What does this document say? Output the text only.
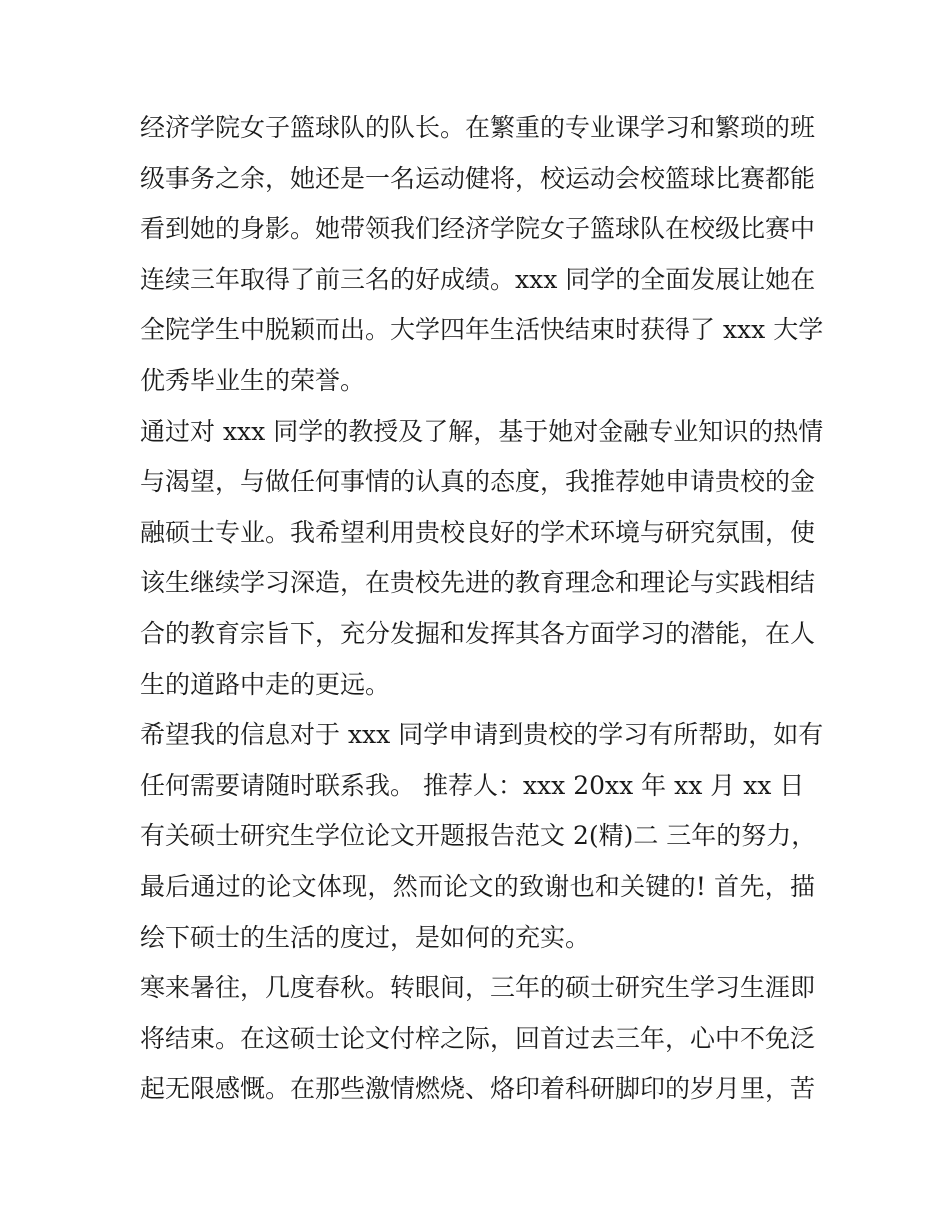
经济学院女子篮球队的队长。在繁重的专业课学习和繁琐的班
级事务之余，她还是一名运动健将，校运动会校篮球比赛都能
看到她的身影。她带领我们经济学院女子篮球队在校级比赛中
连续三年取得了前三名的好成绩。xxx 同学的全面发展让她在
全院学生中脱颖而出。大学四年生活快结束时获得了 xxx 大学
优秀毕业生的荣誉。
通过对 xxx 同学的教授及了解，基于她对金融专业知识的热情
与渴望，与做任何事情的认真的态度，我推荐她申请贵校的金
融硕士专业。我希望利用贵校良好的学术环境与研究氛围，使
该生继续学习深造，在贵校先进的教育理念和理论与实践相结
合的教育宗旨下，充分发掘和发挥其各方面学习的潜能，在人
生的道路中走的更远。
希望我的信息对于 xxx 同学申请到贵校的学习有所帮助，如有
任何需要请随时联系我。 推荐人：xxx 20xx 年 xx 月 xx 日
有关硕士研究生学位论文开题报告范文 2(精)二 三年的努力，
最后通过的论文体现，然而论文的致谢也和关键的! 首先，描
绘下硕士的生活的度过，是如何的充实。
寒来暑往，几度春秋。转眼间，三年的硕士研究生学习生涯即
将结束。在这硕士论文付梓之际，回首过去三年，心中不免泛
起无限感慨。在那些激情燃烧、烙印着科研脚印的岁月里，苦
